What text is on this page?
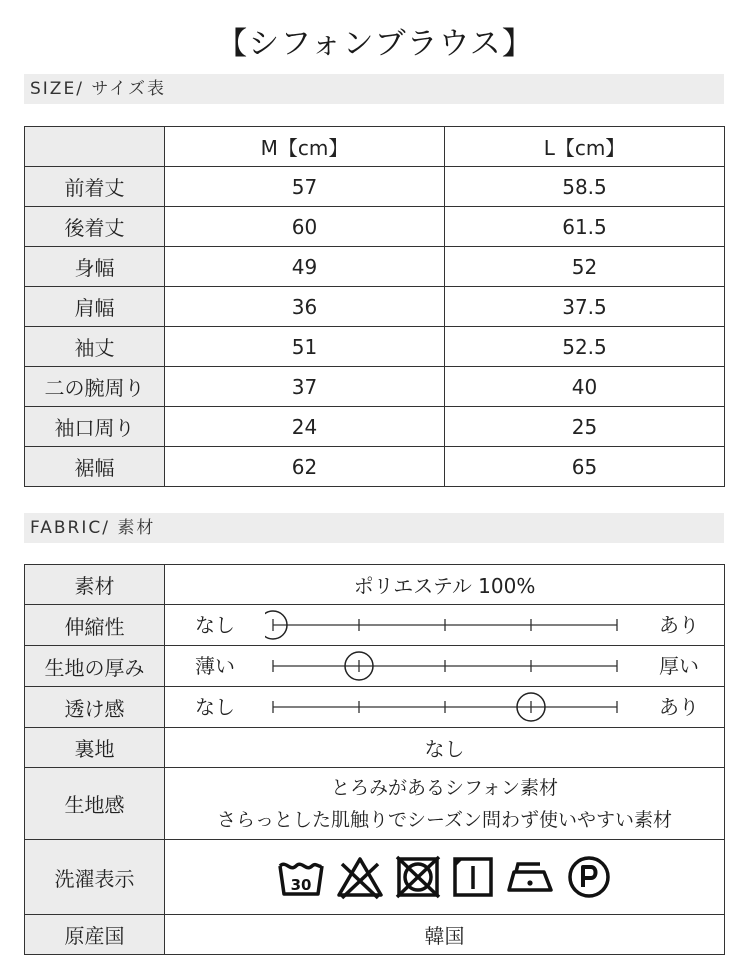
【シフォンブラウス】
SIZE/ サイズ表
	M【cm】	L【cm】
前着丈	57	58.5
後着丈	60	61.5
身幅	49	52
肩幅	36	37.5
袖丈	51	52.5
二の腕周り	37	40
袖口周り	24	25
裾幅	62	65
FABRIC/ 素材
素材	ポリエステル 100%
伸縮性	なし あり

生地の厚み	薄い 厚い

透け感	なし あり

裏地	なし
生地感	とろみがあるシフォン素材
さらっとした肌触りでシーズン問わず使いやすい素材

洗濯表示	30

原産国	韓国
